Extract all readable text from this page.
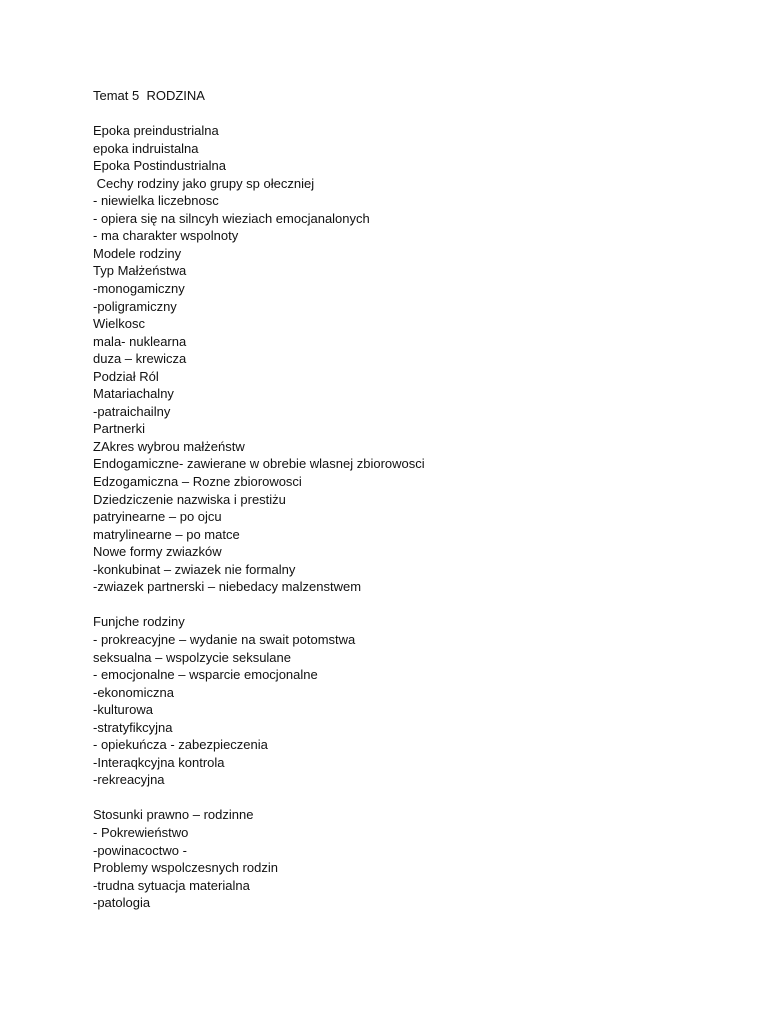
Temat 5  RODZINA
Epoka preindustrialna
epoka indruistalna
Epoka Postindustrialna
Cechy rodziny jako grupy sp ołeczniej
- niewielka liczebnosc
- opiera się na silncyh wieziach emocjanalonych
- ma charakter wspolnoty
Modele rodziny
Typ Małżeństwa
-monogamiczny
-poligramiczny
Wielkosc
mala- nuklearna
duza – krewicza
Podział Ról
Matariachalny
-patraichailny
Partnerki
ZAkres wybrou małżeństw
Endogamiczne- zawierane w obrebie wlasnej zbiorowosci
Edzogamiczna – Rozne zbiorowosci
Dziedziczenie nazwiska i prestiżu
patryinearne – po ojcu
matrylinearne – po matce
Nowe formy zwiazków
-konkubinat – zwiazek nie formalny
-zwiazek partnerski – niebedacy malzenstwem
Funjche rodziny
- prokreacyjne – wydanie na swait potomstwa
seksualna – wspolzycie seksulane
- emocjonalne – wsparcie emocjonalne
-ekonomiczna
-kulturowa
-stratyfikcyjna
- opiekuńcza - zabezpieczenia
-Interaqkcyjna kontrola
-rekreacyjna
Stosunki prawno – rodzinne
- Pokrewieństwo
-powinacoctwo -
Problemy wspolczesnych rodzin
-trudna sytuacja materialna
-patologia
